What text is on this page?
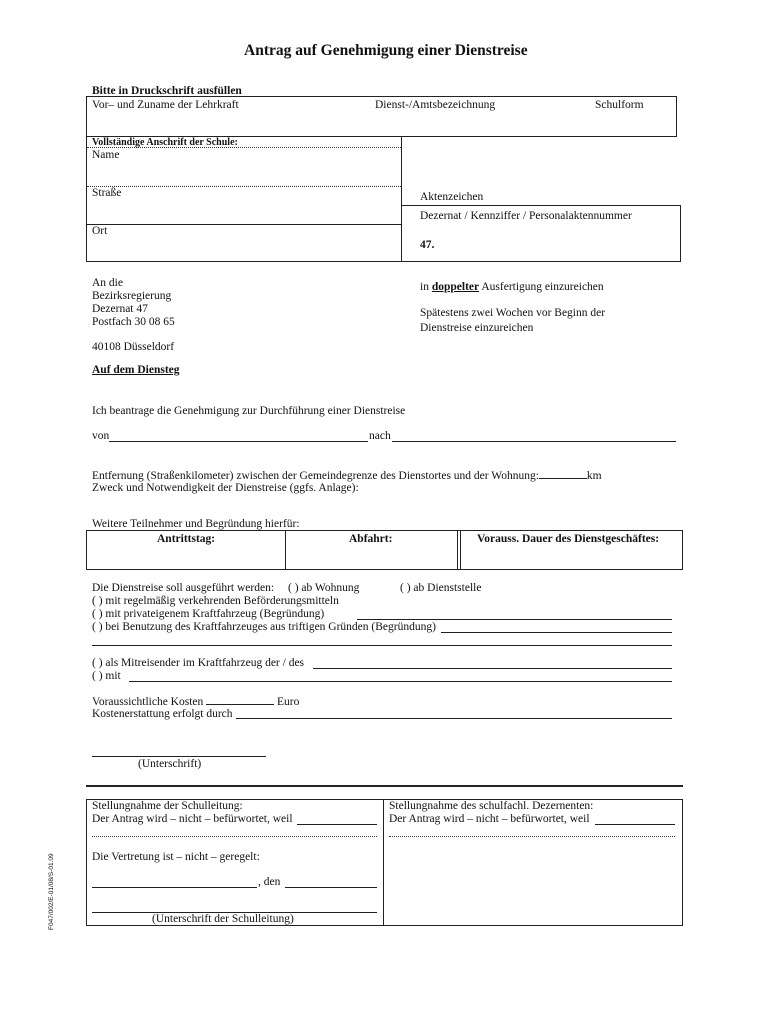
Antrag auf Genehmigung einer Dienstreise
Bitte in Druckschrift ausfüllen
Vor– und Zuname der Lehrkraft	Dienst-/Amtsbezeichnung	Schulform
Vollständige Anschrift der Schule:
Name
Straße
Ort
Aktenzeichen
Dezernat / Kennziffer / Personalaktennummer
47.
An die
Bezirksregierung
Dezernat 47
Postfach 30 08 65
40108 Düsseldorf
Auf dem Diensteg
in doppelter Ausfertigung einzureichen
Spätestens zwei Wochen vor Beginn der
Dienstreise einzureichen
Ich beantrage die Genehmigung zur Durchführung einer Dienstreise
von	nach
Entfernung (Straßenkilometer) zwischen der Gemeindegrenze des Dienstortes und der Wohnung:	km
Zweck und Notwendigkeit der Dienstreise (ggfs. Anlage):
Weitere Teilnehmer und Begründung hierfür:
Antrittstag:	Abfahrt:	Vorauss. Dauer des Dienstgeschäftes:
Die Dienstreise soll ausgeführt werden: ( ) ab Wohnung	( ) ab Dienststelle
( ) mit regelmäßig verkehrenden Beförderungsmitteln
( ) mit privateigenem Kraftfahrzeug (Begründung)
( ) bei Benutzung des Kraftfahrzeuges aus triftigen Gründen (Begründung)
( ) als Mitreisender im Kraftfahrzeug der / des
( ) mit
Voraussichtliche Kosten	Euro
Kostenerstattung erfolgt durch
(Unterschrift)
Stellungnahme der Schulleitung:
Der Antrag wird – nicht – befürwortet, weil
Die Vertretung ist – nicht – geregelt:
, den
(Unterschrift der Schulleitung)
Stellungnahme des schulfachl. Dezernenten:
Der Antrag wird – nicht – befürwortet, weil
F047/002/E-01/08/S-01.09
